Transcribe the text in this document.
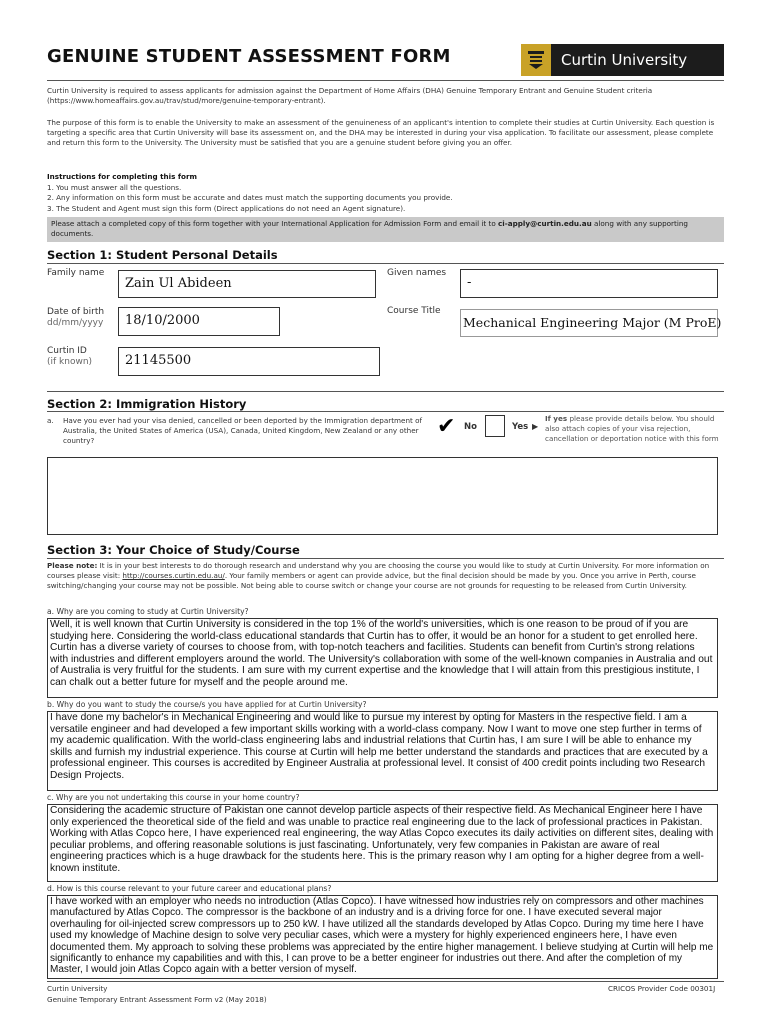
GENUINE STUDENT ASSESSMENT FORM	Curtin University
Curtin University is required to assess applicants for admission against the Department of Home Affairs (DHA) Genuine Temporary Entrant and Genuine Student criteria (https://www.homeaffairs.gov.au/trav/stud/more/genuine-temporary-entrant).
The purpose of this form is to enable the University to make an assessment of the genuineness of an applicant's intention to complete their studies at Curtin University. Each question is targeting a specific area that Curtin University will base its assessment on, and the DHA may be interested in during your visa application. To facilitate our assessment, please complete and return this form to the University. The University must be satisfied that you are a genuine student before giving you an offer.
Instructions for completing this form
1. You must answer all the questions.
2. Any information on this form must be accurate and dates must match the supporting documents you provide.
3. The Student and Agent must sign this form (Direct applications do not need an Agent signature).
Please attach a completed copy of this form together with your International Application for Admission Form and email it to ci-apply@curtin.edu.au along with any supporting documents.
Section 1: Student Personal Details
Family name
Zain Ul Abideen
Given names
-
Date of birth
dd/mm/yyyy	18/10/2000
Course Title
Mechanical Engineering Major (M ProE)
Curtin ID
(if known)	21145500
Section 2: Immigration History
a. Have you ever had your visa denied, cancelled or been deported by the Immigration department of Australia, the United States of America (USA), Canada, United Kingdom, New Zealand or any other country?
✔ No	Yes ▶
If yes please provide details below. You should also attach copies of your visa rejection, cancellation or deportation notice with this form
Section 3: Your Choice of Study/Course
Please note: It is in your best interests to do thorough research and understand why you are choosing the course you would like to study at Curtin University. For more information on courses please visit: http://courses.curtin.edu.au/. Your family members or agent can provide advice, but the final decision should be made by you. Once you arrive in Perth, course switching/changing your course may not be possible. Not being able to course switch or change your course are not grounds for requesting to be released from Curtin University.
a. Why are you coming to study at Curtin University?
Well, it is well known that Curtin University is considered in the top 1% of the world's universities, which is one reason to be proud of if you are studying here. Considering the world-class educational standards that Curtin has to offer, it would be an honor for a student to get enrolled here. Curtin has a diverse variety of courses to choose from, with top-notch teachers and facilities. Students can benefit from Curtin's strong relations with industries and different employers around the world. The University's collaboration with some of the well-known companies in Australia and out of Australia is very fruitful for the students. I am sure with my current expertise and the knowledge that I will attain from this prestigious institute, I can chalk out a better future for myself and the people around me.
b. Why do you want to study the course/s you have applied for at Curtin University?
I have done my bachelor's in Mechanical Engineering and would like to pursue my interest by opting for Masters in the respective field. I am a versatile engineer and had developed a few important skills working with a world-class company. Now I want to move one step further in terms of my academic qualification. With the world-class engineering labs and industrial relations that Curtin has, I am sure I will be able to enhance my skills and furnish my industrial experience. This course at Curtin will help me better understand the standards and practices that are executed by a professional engineer. This courses is accredited by Engineer Australia at professional level. It consist of 400 credit points including two Research Design Projects.
c. Why are you not undertaking this course in your home country?
Considering the academic structure of Pakistan one cannot develop particle aspects of their respective field. As Mechanical Engineer here I have only experienced the theoretical side of the field and was unable to practice real engineering due to the lack of professional practices in Pakistan. Working with Atlas Copco here, I have experienced real engineering, the way Atlas Copco executes its daily activities on different sites, dealing with peculiar problems, and offering reasonable solutions is just fascinating. Unfortunately, very few companies in Pakistan are aware of real engineering practices which is a huge drawback for the students here. This is the primary reason why I am opting for a higher degree from a well-known institute.
d. How is this course relevant to your future career and educational plans?
I have worked with an employer who needs no introduction (Atlas Copco). I have witnessed how industries rely on compressors and other machines manufactured by Atlas Copco. The compressor is the backbone of an industry and is a driving force for one. I have executed several major overhauling for oil-injected screw compressors up to 250 kW. I have utilized all the standards developed by Atlas Copco. During my time here I have used my knowledge of Machine design to solve very peculiar cases, which were a mystery for highly experienced engineers here, I have even documented them. My approach to solving these problems was appreciated by the entire higher management. I believe studying at Curtin will help me significantly to enhance my capabilities and with this, I can prove to be a better engineer for industries out there. And after the completion of my Master, I would join Atlas Copco again with a better version of myself.
Curtin University
Genuine Temporary Entrant Assessment Form v2 (May 2018)
CRICOS Provider Code 00301J
